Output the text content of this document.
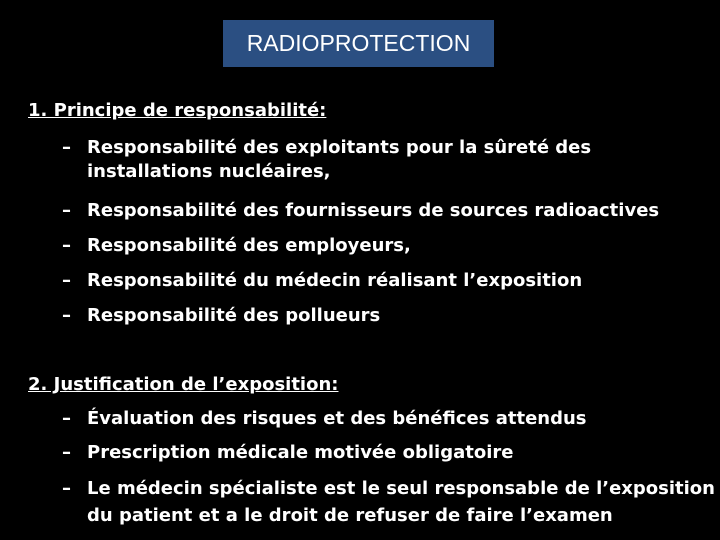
RADIOPROTECTION
1. Principe de responsabilité:
– Responsabilité des exploitants pour la sûreté des
installations nucléaires,
– Responsabilité des fournisseurs de sources radioactives
– Responsabilité des employeurs,
– Responsabilité du médecin réalisant l’exposition
– Responsabilité des pollueurs
2. Justification de l’exposition:
– Évaluation des risques et des bénéfices attendus
– Prescription médicale motivée obligatoire
– Le médecin spécialiste est le seul responsable de l’exposition
du patient et a le droit de refuser de faire l’examen
